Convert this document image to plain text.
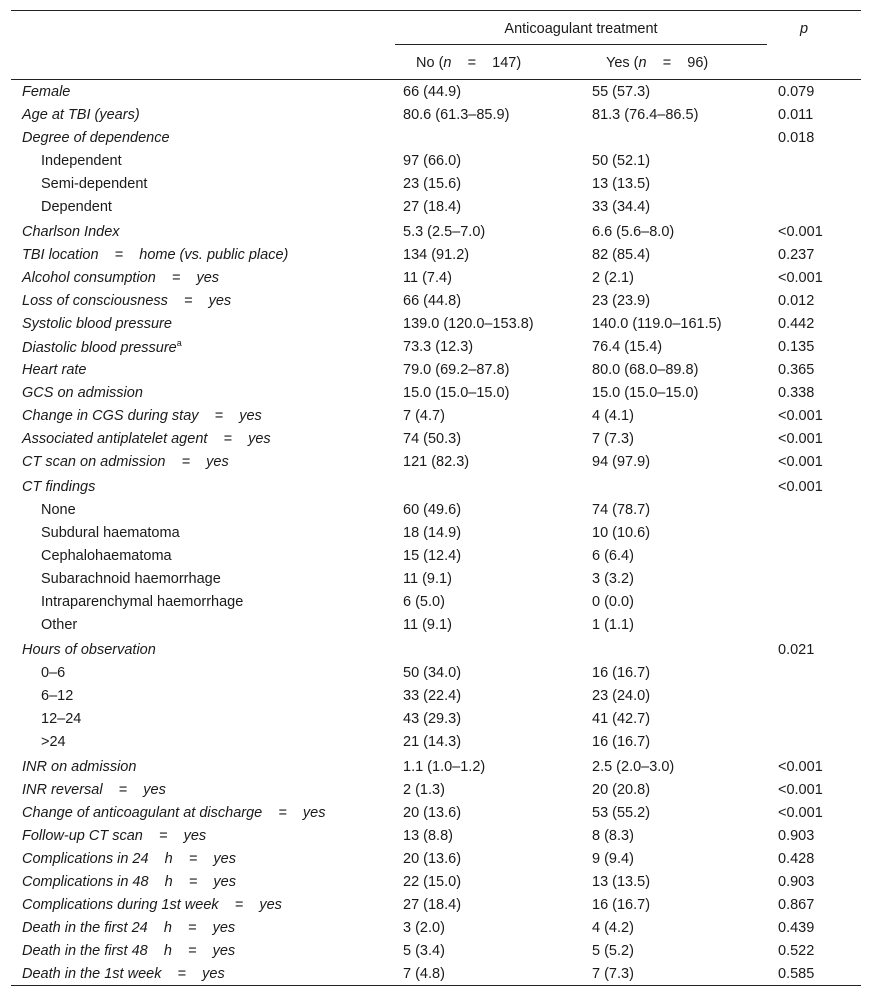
	Anticoagulant treatment		p
	No (n    =    147)	Yes (n    =    96)	
Female	66 (44.9)	55 (57.3)	0.079
Age at TBI (years)	80.6 (61.3–85.9)	81.3 (76.4–86.5)	0.011
Degree of dependence			0.018
Independent	97 (66.0)	50 (52.1)	
Semi-dependent	23 (15.6)	13 (13.5)	
Dependent	27 (18.4)	33 (34.4)	
Charlson Index	5.3 (2.5–7.0)	6.6 (5.6–8.0)	<0.001
TBI location    =    home (vs. public place)	134 (91.2)	82 (85.4)	0.237
Alcohol consumption    =    yes	11 (7.4)	2 (2.1)	<0.001
Loss of consciousness    =    yes	66 (44.8)	23 (23.9)	0.012
Systolic blood pressure	139.0 (120.0–153.8)	140.0 (119.0–161.5)	0.442
Diastolic blood pressure$^a$	73.3 (12.3)	76.4 (15.4)	0.135
Heart rate	79.0 (69.2–87.8)	80.0 (68.0–89.8)	0.365
GCS on admission	15.0 (15.0–15.0)	15.0 (15.0–15.0)	0.338
Change in CGS during stay    =    yes	7 (4.7)	4 (4.1)	<0.001
Associated antiplatelet agent    =    yes	74 (50.3)	7 (7.3)	<0.001
CT scan on admission    =    yes	121 (82.3)	94 (97.9)	<0.001
CT findings			<0.001
None	60 (49.6)	74 (78.7)	
Subdural haematoma	18 (14.9)	10 (10.6)	
Cephalohaematoma	15 (12.4)	6 (6.4)	
Subarachnoid haemorrhage	11 (9.1)	3 (3.2)	
Intraparenchymal haemorrhage	6 (5.0)	0 (0.0)	
Other	11 (9.1)	1 (1.1)	
Hours of observation			0.021
0–6	50 (34.0)	16 (16.7)	
6–12	33 (22.4)	23 (24.0)	
12–24	43 (29.3)	41 (42.7)	
>24	21 (14.3)	16 (16.7)	
INR on admission	1.1 (1.0–1.2)	2.5 (2.0–3.0)	<0.001
INR reversal    =    yes	2 (1.3)	20 (20.8)	<0.001
Change of anticoagulant at discharge    =    yes	20 (13.6)	53 (55.2)	<0.001
Follow-up CT scan    =    yes	13 (8.8)	8 (8.3)	0.903
Complications in 24    h    =    yes	20 (13.6)	9 (9.4)	0.428
Complications in 48    h    =    yes	22 (15.0)	13 (13.5)	0.903
Complications during 1st week    =    yes	27 (18.4)	16 (16.7)	0.867
Death in the first 24    h    =    yes	3 (2.0)	4 (4.2)	0.439
Death in the first 48    h    =    yes	5 (3.4)	5 (5.2)	0.522
Death in the 1st week    =    yes	7 (4.8)	7 (7.3)	0.585
